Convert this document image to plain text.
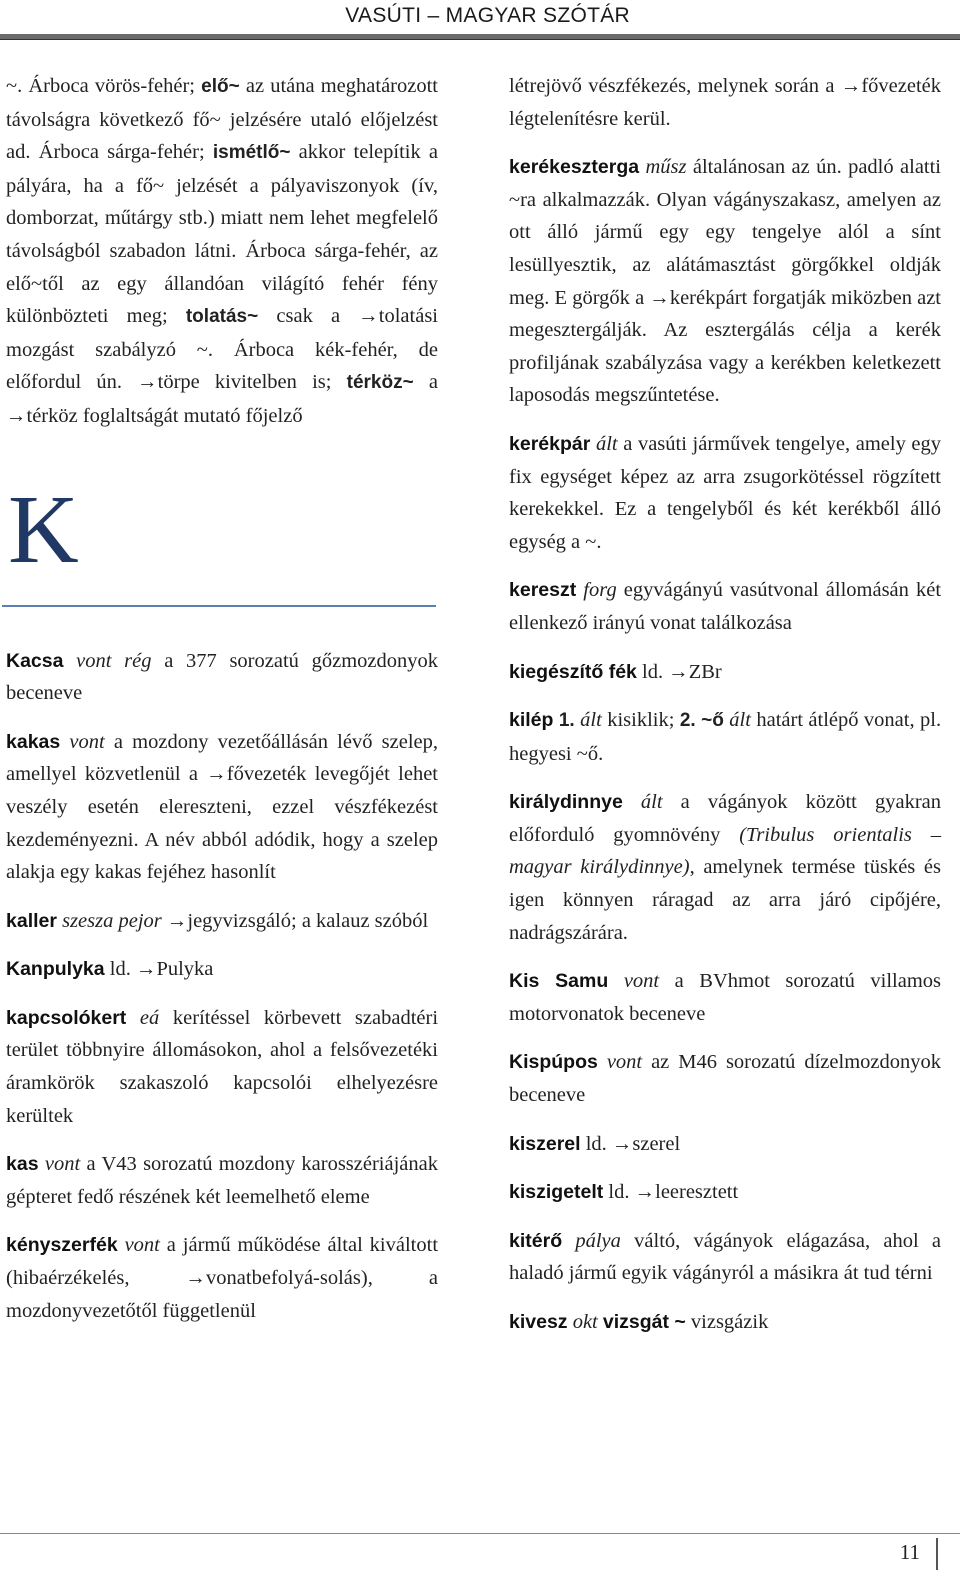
VASÚTI – MAGYAR SZÓTÁR
~. Árboca vörös-fehér; elő~ az utána meghatározott távolságra következő fő~ jelzésére utaló előjelzést ad. Árboca sárga-fehér; ismétlő~ akkor telepítik a pályára, ha a fő~ jelzését a pályaviszonyok (ív, domborzat, műtárgy stb.) miatt nem lehet megfelelő távolságból szabadon látni. Árboca sárga-fehér, az elő~től az egy állandóan világító fehér fény különbözteti meg; tolatás~ csak a →tolatási mozgást szabályzó ~. Árboca kék-fehér, de előfordul ún. →törpe kivitelben is; térköz~ a →térköz foglaltságát mutató főjelző
K
Kacsa vont rég a 377 sorozatú gőzmozdonyok beceneve
kakas vont a mozdony vezetőállásán lévő szelep, amellyel közvetlenül a →fővezeték levegőjét lehet veszély esetén elereszteni, ezzel vészfékezést kezdeményezni. A név abból adódik, hogy a szelep alakja egy kakas fejéhez hasonlít
kaller szesza pejor →jegyvizsgáló; a kalauz szóból
Kanpulyka ld. →Pulyka
kapcsolókert eá kerítéssel körbevett szabadtéri terület többnyire állomásokon, ahol a felsővezetéki áramkörök szakaszoló kapcsolói elhelyezésre kerültek
kas vont a V43 sorozatú mozdony karosszériájának gépteret fedő részének két leemelhető eleme
kényszerfék vont a jármű működése által kiváltott (hibaérzékelés, →vonatbefolyá-solás), a mozdonyvezetőtől függetlenül
létrejövő vészfékezés, melynek során a →fővezeték légtelenítésre kerül.
kerékeszterga műsz általánosan az ún. padló alatti ~ra alkalmazzák. Olyan vágányszakasz, amelyen az ott álló jármű egy egy tengelye alól a sínt lesüllyesztik, az alátámasztást görgőkkel oldják meg. E görgők a →kerékpárt forgatják miközben azt megesztergálják. Az esztergálás célja a kerék profiljának szabályzása vagy a kerékben keletkezett laposodás megszűntetése.
kerékpár ált a vasúti járművek tengelye, amely egy fix egységet képez az arra zsugorkötéssel rögzített kerekekkel. Ez a tengelyből és két kerékből álló egység a ~.
kereszt forg egyvágányú vasútvonal állomásán két ellenkező irányú vonat találkozása
kiegészítő fék ld. →ZBr
kilép 1. ált kisiklik; 2. ~ő ált határt átlépő vonat, pl. hegyesi ~ő.
királydinnye ált a vágányok között gyakran előforduló gyomnövény (Tribulus orientalis – magyar királydinnye), amelynek termése tüskés és igen könnyen ráragad az arra járó cipőjére, nadrágszárára.
Kis Samu vont a BVhmot sorozatú villamos motorvonatok beceneve
Kispúpos vont az M46 sorozatú dízelmozdonyok beceneve
kiszerel ld. →szerel
kiszigetelt ld. →leeresztett
kitérő pálya váltó, vágányok elágazása, ahol a haladó jármű egyik vágányról a másikra át tud térni
kivesz okt vizsgát ~ vizsgázik
11
